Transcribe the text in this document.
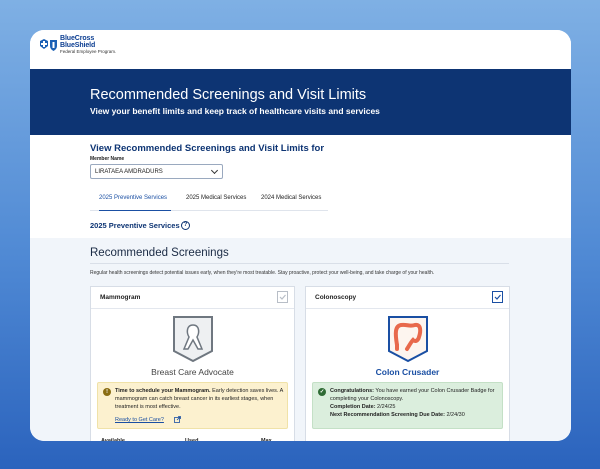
BlueCross
BlueShield
Federal Employee Program.
Recommended Screenings and Visit Limits
View your benefit limits and keep track of healthcare visits and services
View Recommended Screenings and Visit Limits for
Member Name
LIRATAEA AMDRADURS
2025 Preventive Services	2025 Medical Services 2024 Medical Services
2025 Preventive Services ?
Recommended Screenings
Regular health screenings detect potential issues early, when they're most treatable. Stay proactive, protect your well-being, and take charge of your health.
Mammogram
Breast Care Advocate
!	Time to schedule your Mammogram. Early detection saves lives. A mammogram can catch breast cancer in its earliest stages, when treatment is most effective.
Ready to Get Care?
Available	Used	Max
Colonoscopy
Colon Crusader
✓	Congratulations: You have earned your Colon Crusader Badge for completing your Colonoscopy.
Completion Date: 2/24/25
Next Recommendation Screening Due Date: 2/24/30
